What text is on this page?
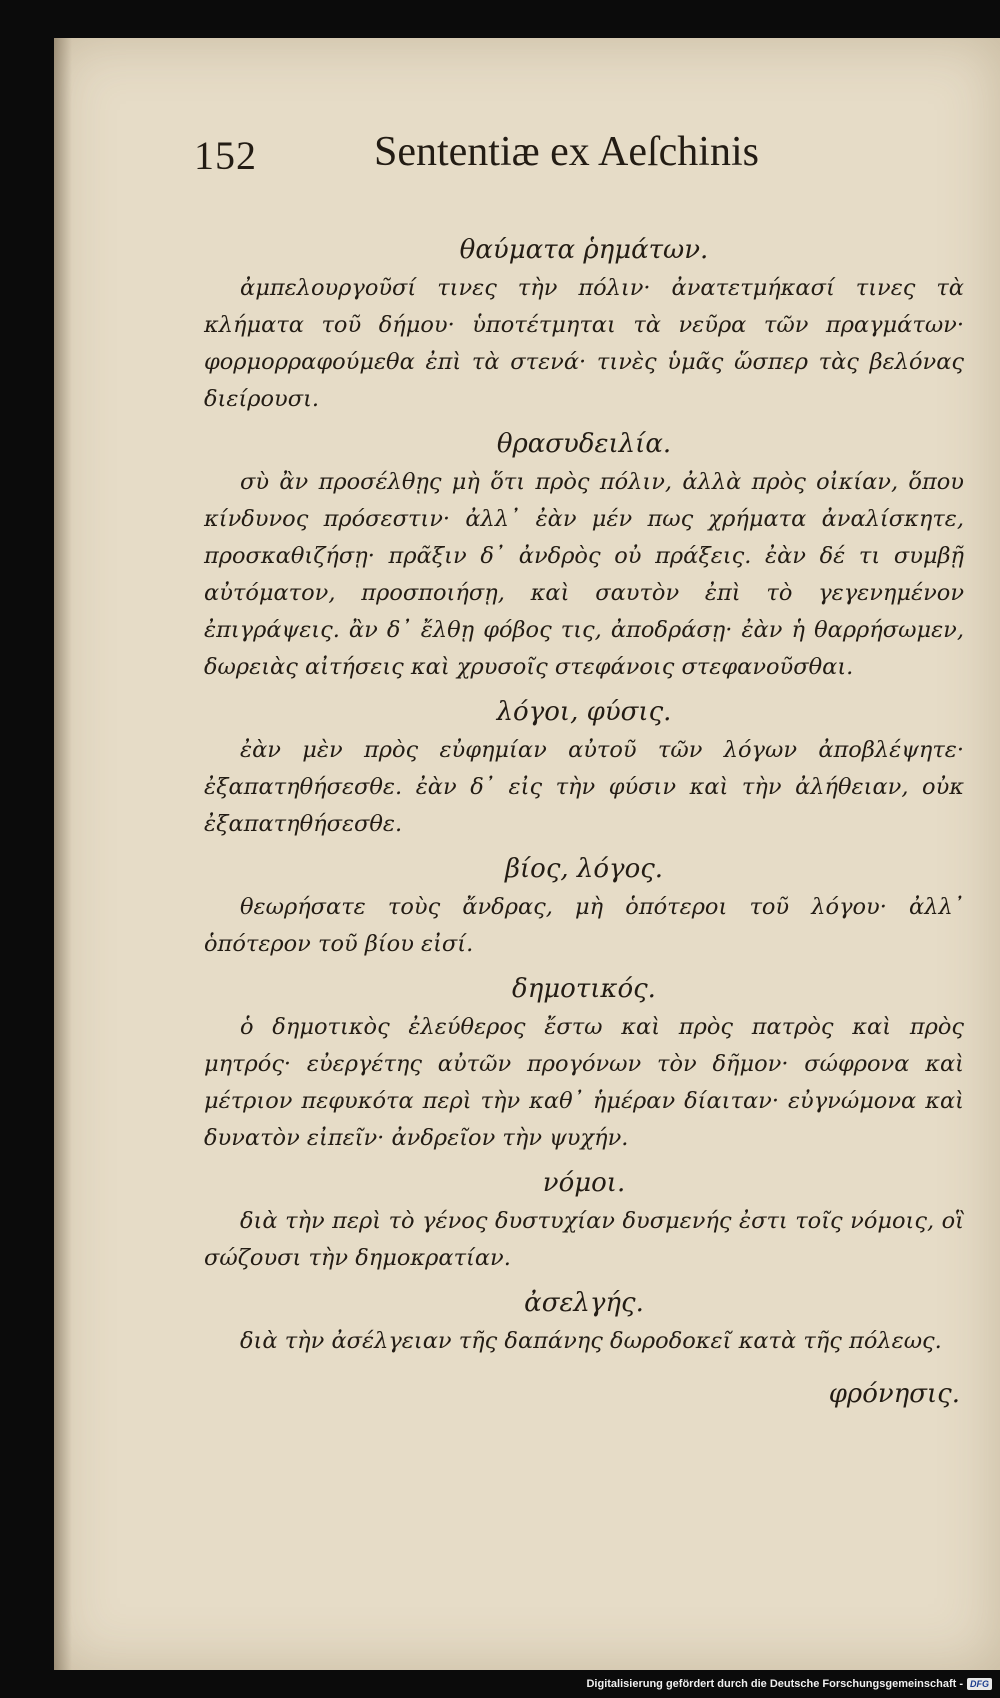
152	Sententiæ ex Aeſchinis
θαύματα ῥημάτων.

ἀμπελουργοῦσί τινες τὴν πόλιν· ἀνατετμήκασί τινες τὰ κλήματα τοῦ δήμου· ὑποτέτμηται τὰ νεῦρα τῶν πραγμάτων· φορμορραφούμεθα ἐπὶ τὰ στενά· τινὲς ὑμᾶς ὥσπερ τὰς βελόνας διείρουσι.

θρασυδειλία.

σὺ ἂν προσέλθῃς μὴ ὅτι πρὸς πόλιν, ἀλλὰ πρὸς οἰκίαν, ὅπου κίνδυνος πρόσεστιν· ἀλλ᾽ ἐὰν μέν πως χρήματα ἀναλίσκητε, προσκαθιζήσῃ· πρᾶξιν δ᾽ ἀνδρὸς οὐ πράξεις. ἐὰν δέ τι συμβῇ αὐτόματον, προσποιήσῃ, καὶ σαυτὸν ἐπὶ τὸ γεγενημένον ἐπιγράψεις. ἂν δ᾽ ἔλθῃ φόβος τις, ἀποδράσῃ· ἐὰν ἡ θαρρήσωμεν, δωρειὰς αἰτήσεις καὶ χρυσοῖς στεφάνοις στεφανοῦσθαι.

λόγοι, φύσις.

ἐὰν μὲν πρὸς εὐφημίαν αὐτοῦ τῶν λόγων ἀποβλέψητε· ἐξαπατηθήσεσθε. ἐὰν δ᾽ εἰς τὴν φύσιν καὶ τὴν ἀλήθειαν, οὐκ ἐξαπατηθήσεσθε.

βίος, λόγος.

θεωρήσατε τοὺς ἄνδρας, μὴ ὁπότεροι τοῦ λόγου· ἀλλ᾽ ὁπότερον τοῦ βίου εἰσί.

δημοτικός.

ὁ δημοτικὸς ἐλεύθερος ἔστω καὶ πρὸς πατρὸς καὶ πρὸς μητρός· εὐεργέτης αὐτῶν προγόνων τὸν δῆμον· σώφρονα καὶ μέτριον πεφυκότα περὶ τὴν καθ᾽ ἡμέραν δίαιταν· εὐγνώμονα καὶ δυνατὸν εἰπεῖν· ἀνδρεῖον τὴν ψυχήν.

νόμοι.

διὰ τὴν περὶ τὸ γένος δυστυχίαν δυσμενής ἐστι τοῖς νόμοις, οἳ σώζουσι τὴν δημοκρατίαν.

ἀσελγής.

διὰ τὴν ἀσέλγειαν τῆς δαπάνης δωροδοκεῖ κατὰ τῆς πόλεως.

φρόνησις.
Digitalisierung gefördert durch die Deutsche Forschungsgemeinschaft - DFG
